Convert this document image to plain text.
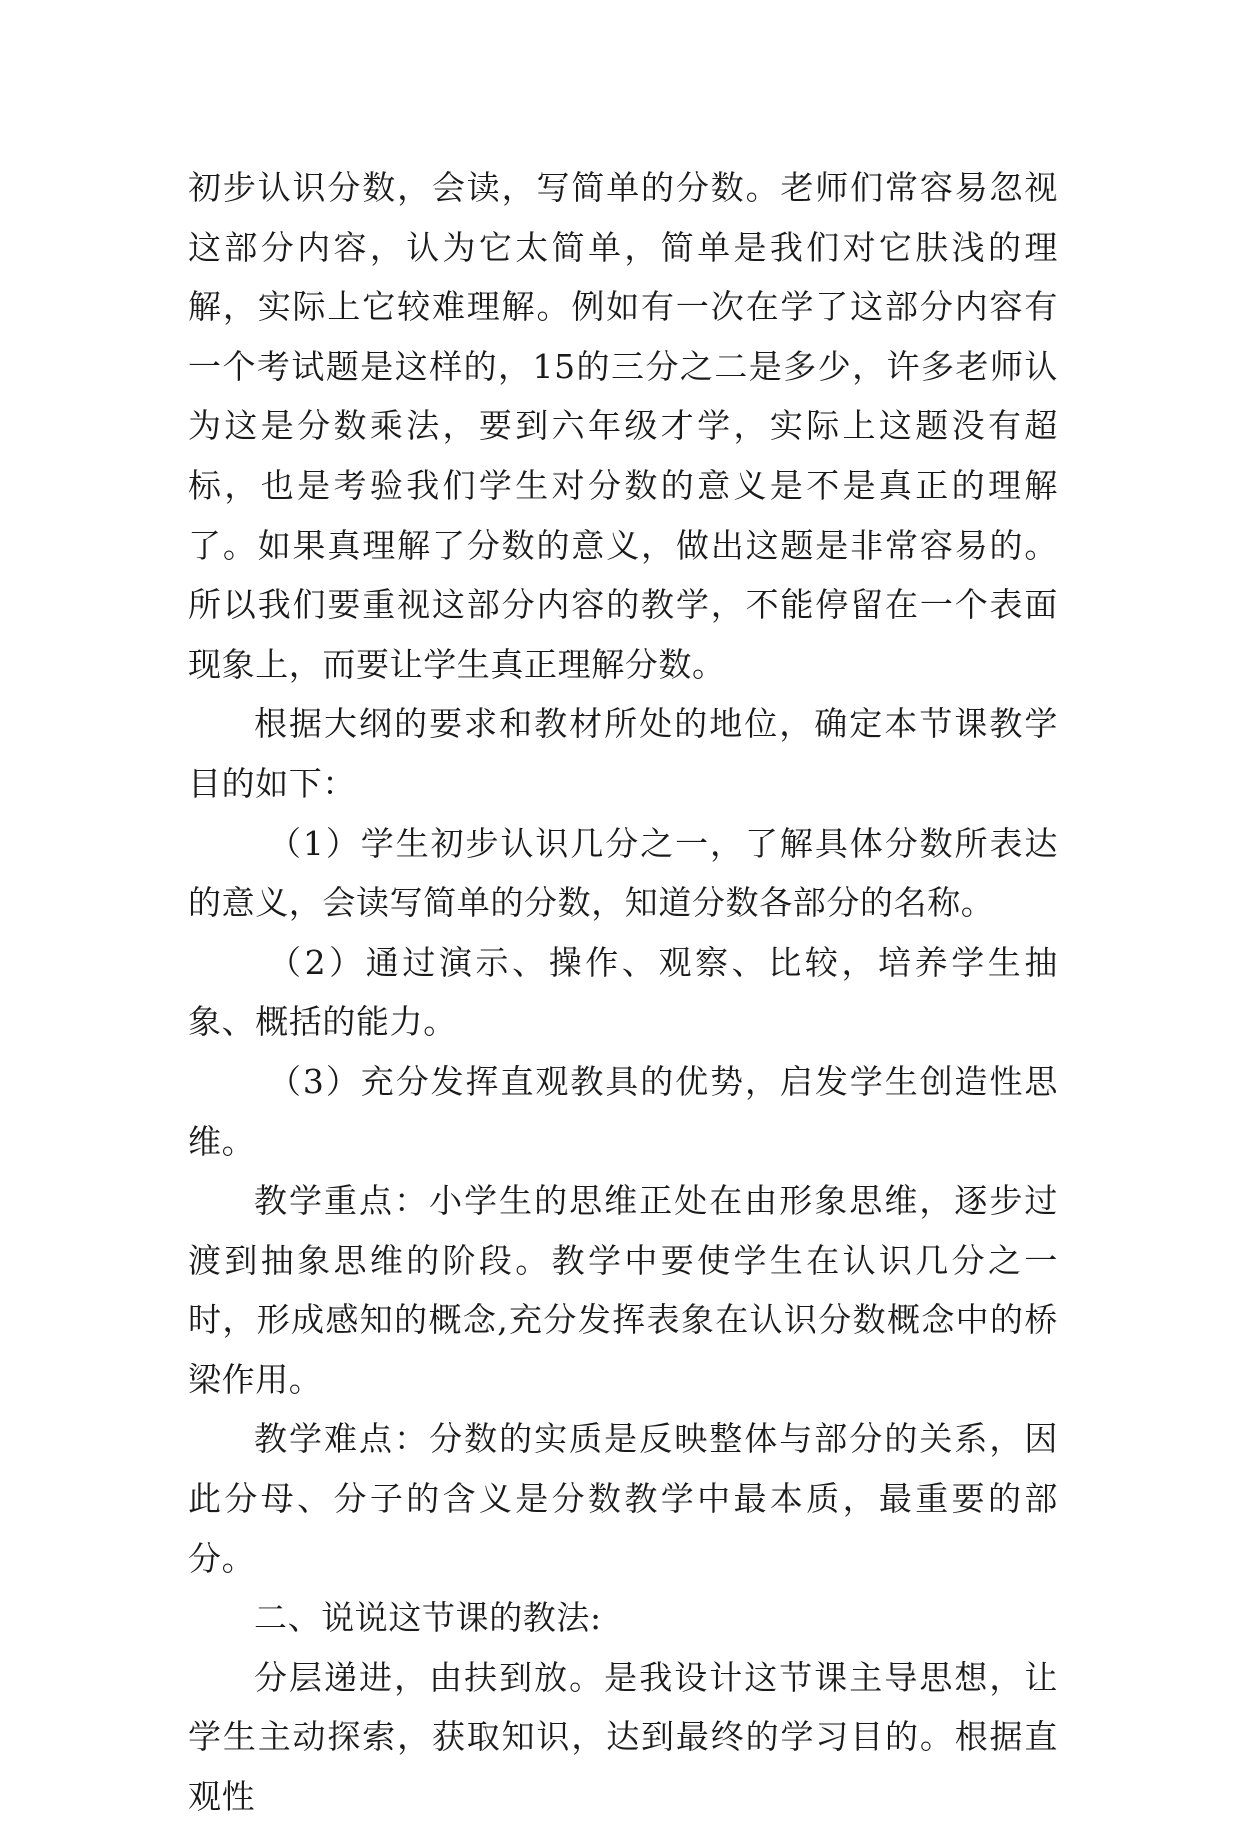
初步认识分数，会读，写简单的分数。老师们常容易忽视这部分内容，认为它太简单，简单是我们对它肤浅的理解，实际上它较难理解。例如有一次在学了这部分内容有一个考试题是这样的，15的三分之二是多少，许多老师认为这是分数乘法，要到六年级才学，实际上这题没有超标，也是考验我们学生对分数的意义是不是真正的理解了。如果真理解了分数的意义，做出这题是非常容易的。所以我们要重视这部分内容的教学，不能停留在一个表面现象上，而要让学生真正理解分数。

根据大纲的要求和教材所处的地位，确定本节课教学目的如下：

（1）学生初步认识几分之一，了解具体分数所表达的意义，会读写简单的分数，知道分数各部分的名称。

（2）通过演示、操作、观察、比较，培养学生抽象、概括的能力。

（3）充分发挥直观教具的优势，启发学生创造性思维。

教学重点：小学生的思维正处在由形象思维，逐步过渡到抽象思维的阶段。教学中要使学生在认识几分之一时，形成感知的概念,充分发挥表象在认识分数概念中的桥梁作用。

教学难点：分数的实质是反映整体与部分的关系，因此分母、分子的含义是分数教学中最本质，最重要的部分。

二、说说这节课的教法:

分层递进，由扶到放。是我设计这节课主导思想，让学生主动探索，获取知识，达到最终的学习目的。根据直观性
